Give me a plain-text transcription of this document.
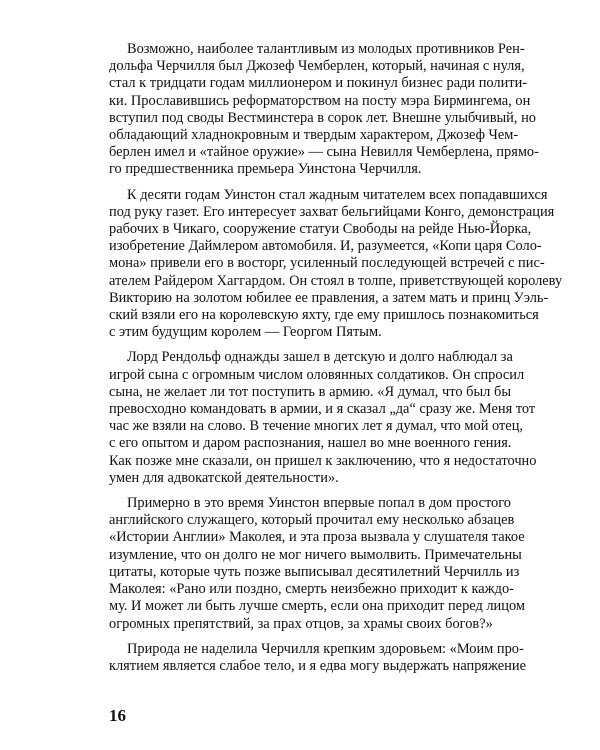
Возможно, наиболее талантливым из молодых противников Рен-
дольфа Черчилля был Джозеф Чемберлен, который, начиная с нуля,
стал к тридцати годам миллионером и покинул бизнес ради полити-
ки. Прославившись реформаторством на посту мэра Бирмингема, он
вступил под своды Вестминстера в сорок лет. Внешне улыбчивый, но
обладающий хладнокровным и твердым характером, Джозеф Чем-
берлен имел и «тайное оружие» — сына Невилля Чемберлена, прямо-
го предшественника премьера Уинстона Черчилля.
К десяти годам Уинстон стал жадным читателем всех попадавшихся
под руку газет. Его интересует захват бельгийцами Конго, демонстрация
рабочих в Чикаго, сооружение статуи Свободы на рейде Нью-Йорка,
изобретение Даймлером автомобиля. И, разумеется, «Копи царя Соло-
мона» привели его в восторг, усиленный последующей встречей с пис-
ателем Райдером Хаггардом. Он стоял в толпе, приветствующей королеву
Викторию на золотом юбилее ее правления, а затем мать и принц Уэль-
ский взяли его на королевскую яхту, где ему пришлось познакомиться
с этим будущим королем — Георгом Пятым.
Лорд Рендольф однажды зашел в детскую и долго наблюдал за
игрой сына с огромным числом оловянных солдатиков. Он спросил
сына, не желает ли тот поступить в армию. «Я думал, что был бы
превосходно командовать в армии, и я сказал „да“ сразу же. Меня тот
час же взяли на слово. В течение многих лет я думал, что мой отец,
с его опытом и даром распознания, нашел во мне военного гения.
Как позже мне сказали, он пришел к заключению, что я недостаточно
умен для адвокатской деятельности».
Примерно в это время Уинстон впервые попал в дом простого
английского служащего, который прочитал ему несколько абзацев
«Истории Англии» Маколея, и эта проза вызвала у слушателя такое
изумление, что он долго не мог ничего вымолвить. Примечательны
цитаты, которые чуть позже выписывал десятилетний Черчилль из
Маколея: «Рано или поздно, смерть неизбежно приходит к каждо-
му. И может ли быть лучше смерть, если она приходит перед лицом
огромных препятствий, за прах отцов, за храмы своих богов?»
Природа не наделила Черчилля крепким здоровьем: «Моим про-
клятием является слабое тело, и я едва могу выдержать напряжение
16
